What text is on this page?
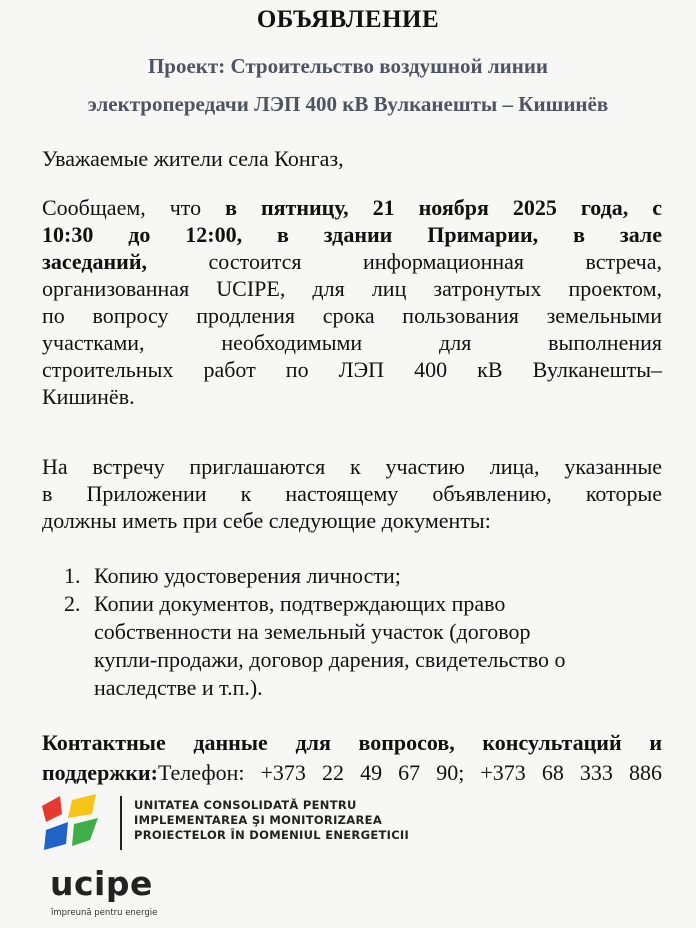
ОБЪЯВЛЕНИЕ
Проект: Строительство воздушной линии
электропередачи ЛЭП 400 кВ Вулканешты – Кишинёв
Уважаемые жители села Конгаз,
Сообщаем, что в пятницу, 21 ноября 2025 года, с
10:30 до 12:00, в здании Примарии, в зале
заседаний, состоится информационная встреча,
организованная UCIPE, для лиц затронутых проектом,
по вопросу продления срока пользования земельными
участками, необходимыми для выполнения
строительных работ по ЛЭП 400 кВ Вулканешты–
Кишинёв.
На встречу приглашаются к участию лица, указанные
в Приложении к настоящему объявлению, которые
должны иметь при себе следующие документы:
1. Копию удостоверения личности;
2. Копии документов, подтверждающих право
собственности на земельный участок (договор
купли-продажи, договор дарения, свидетельство о
наследстве и т.п.).
Контактные данные для вопросов, консультаций и
поддержки:Телефон: +373 22 49 67 90; +373 68 333 886
UNITATEA CONSOLIDATĂ PENTRU
IMPLEMENTAREA ŞI MONITORIZAREA
PROIECTELOR ÎN DOMENIUL ENERGETICII
ucipe
împreună pentru energie
